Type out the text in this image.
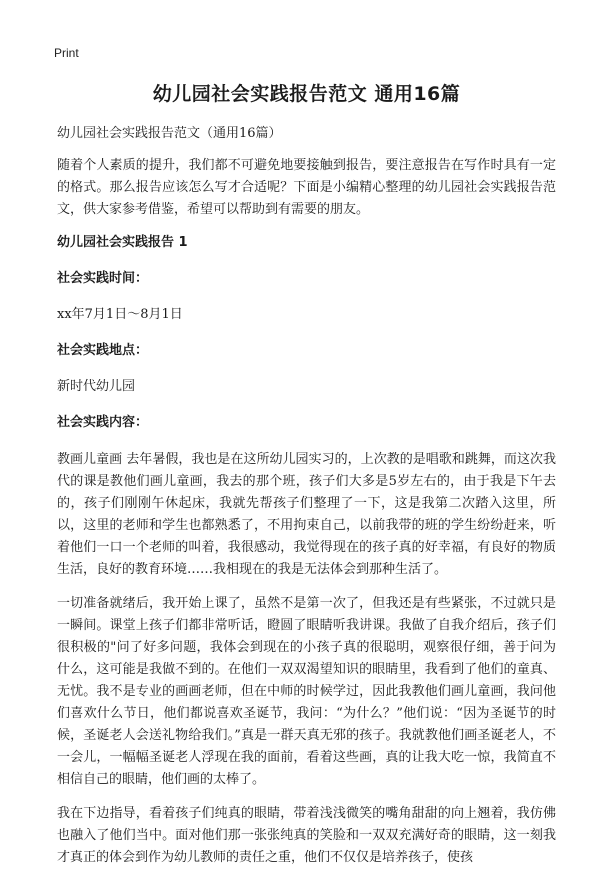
Print
幼儿园社会实践报告范文 通用16篇
幼儿园社会实践报告范文（通用16篇）

随着个人素质的提升，我们都不可避免地要接触到报告，要注意报告在写作时具有一定的格式。那么报告应该怎么写才合适呢？下面是小编精心整理的幼儿园社会实践报告范文，供大家参考借鉴，希望可以帮助到有需要的朋友。

幼儿园社会实践报告 1
社会实践时间：
xx年7月1日～8月1日
社会实践地点：
新时代幼儿园
社会实践内容：

教画儿童画 去年暑假，我也是在这所幼儿园实习的，上次教的是唱歌和跳舞，而这次我代的课是教他们画儿童画，我去的那个班，孩子们大多是5岁左右的，由于我是下午去的，孩子们刚刚午休起床，我就先帮孩子们整理了一下，这是我第二次踏入这里，所以，这里的老师和学生也都熟悉了，不用拘束自己，以前我带的班的学生纷纷赶来，听着他们一口一个老师的叫着，我很感动，我觉得现在的孩子真的好幸福，有良好的物质生活，良好的教育环境……我相现在的我是无法体会到那种生活了。

一切准备就绪后，我开始上课了，虽然不是第一次了，但我还是有些紧张，不过就只是一瞬间。课堂上孩子们都非常听话，瞪圆了眼睛听我讲课。我做了自我介绍后，孩子们很积极的"问了好多问题，我体会到现在的小孩子真的很聪明，观察很仔细，善于问为什么，这可能是我做不到的。在他们一双双渴望知识的眼睛里，我看到了他们的童真、无忧。我不是专业的画画老师，但在中师的时候学过，因此我教他们画儿童画，我问他们喜欢什么节日，他们都说喜欢圣诞节，我问：“为什么？”他们说：“因为圣诞节的时候，圣诞老人会送礼物给我们。”真是一群天真无邪的孩子。我就教他们画圣诞老人，不一会儿，一幅幅圣诞老人浮现在我的面前，看着这些画，真的让我大吃一惊，我简直不相信自己的眼睛，他们画的太棒了。

我在下边指导，看着孩子们纯真的眼睛，带着浅浅微笑的嘴角甜甜的向上翘着，我仿佛也融入了他们当中。面对他们那一张张纯真的笑脸和一双双充满好奇的眼睛，这一刻我才真正的体会到作为幼儿教师的责任之重，他们不仅仅是培养孩子，使孩
